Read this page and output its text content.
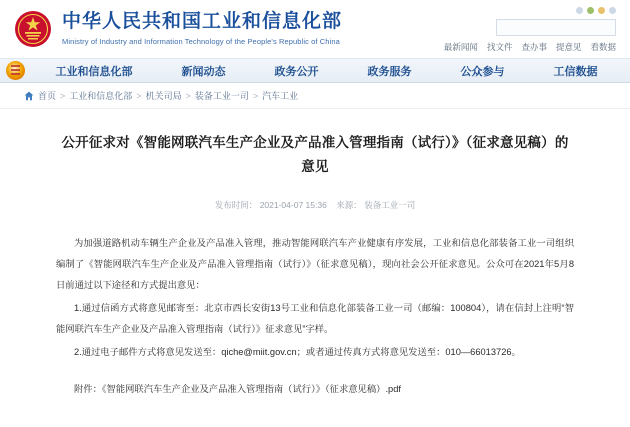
中华人民共和国工业和信息化部
Ministry of Industry and Information Technology of the People's Republic of China
最新闻闻 找文件 查办事 提意见 看数据
工业和信息化部	新闻动态	政务公开	政务服务	公众参与	工信数据
首页 > 工业和信息化部 > 机关司局 > 装备工业一司 > 汽车工业
公开征求对《智能网联汽车生产企业及产品准入管理指南（试行）》（征求意见稿）的意见
发布时间： 2021-04-07 15:36 来源： 装备工业一司

为加强道路机动车辆生产企业及产品准入管理，推动智能网联汽车产业健康有序发展，工业和信息化部装备工业一司组织编制了《智能网联汽车生产企业及产品准入管理指南（试行）》（征求意见稿），现向社会公开征求意见。公众可在2021年5月8日前通过以下途径和方式提出意见：

1.通过信函方式将意见邮寄至：北京市西长安街13号工业和信息化部装备工业一司（邮编：100804），请在信封上注明“智能网联汽车生产企业及产品准入管理指南（试行）》征求意见”字样。

2.通过电子邮件方式将意见发送至：qiche@miit.gov.cn；或者通过传真方式将意见发送至：010—66013726。

附件：《智能网联汽车生产企业及产品准入管理指南（试行）》（征求意见稿）.pdf
